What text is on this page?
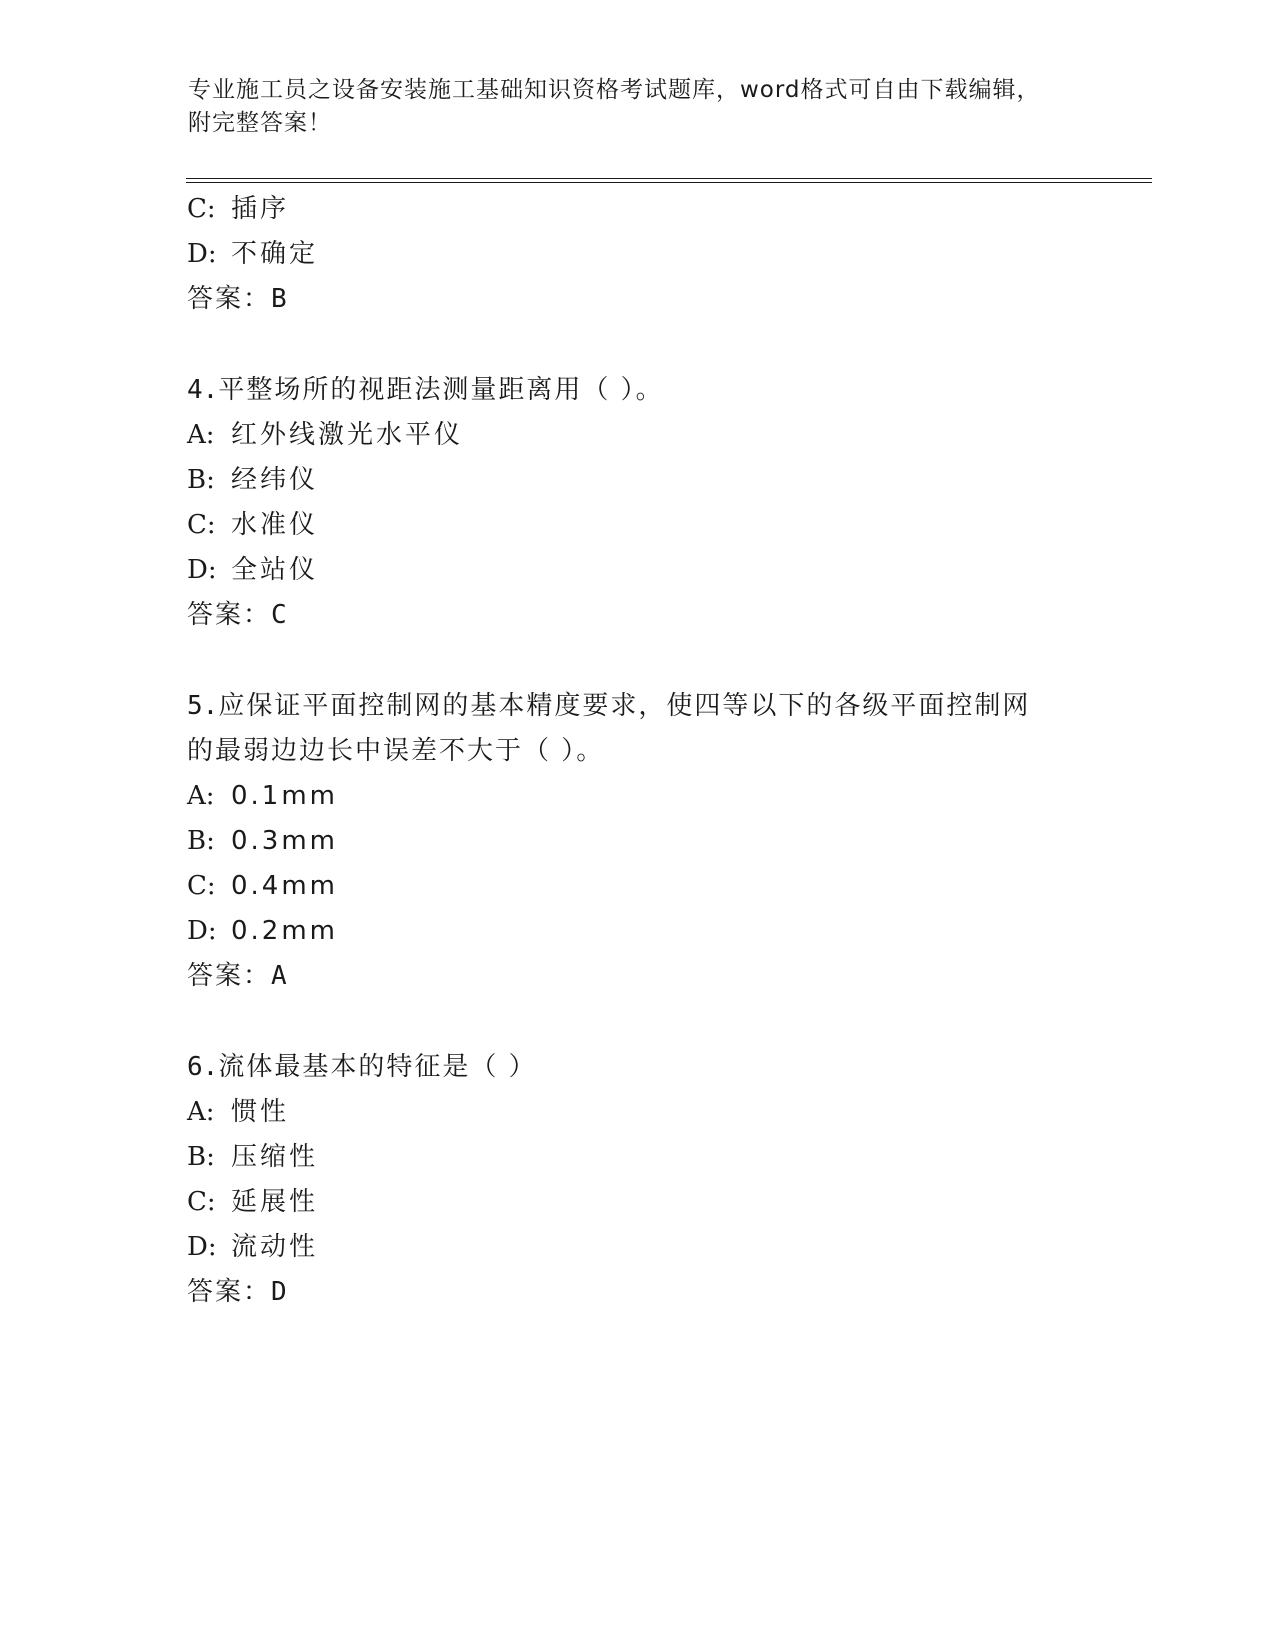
专业施工员之设备安装施工基础知识资格考试题库，word格式可自由下载编辑，
附完整答案！
C: 插序
D: 不确定
答案：B
4.平整场所的视距法测量距离用（ ）。
A: 红外线激光水平仪
B: 经纬仪
C: 水准仪
D: 全站仪
答案：C
5.应保证平面控制网的基本精度要求，使四等以下的各级平面控制网
的最弱边边长中误差不大于（ ）。
A: 0.1mm
B: 0.3mm
C: 0.4mm
D: 0.2mm
答案：A
6.流体最基本的特征是（ ）
A: 惯性
B: 压缩性
C: 延展性
D: 流动性
答案：D
